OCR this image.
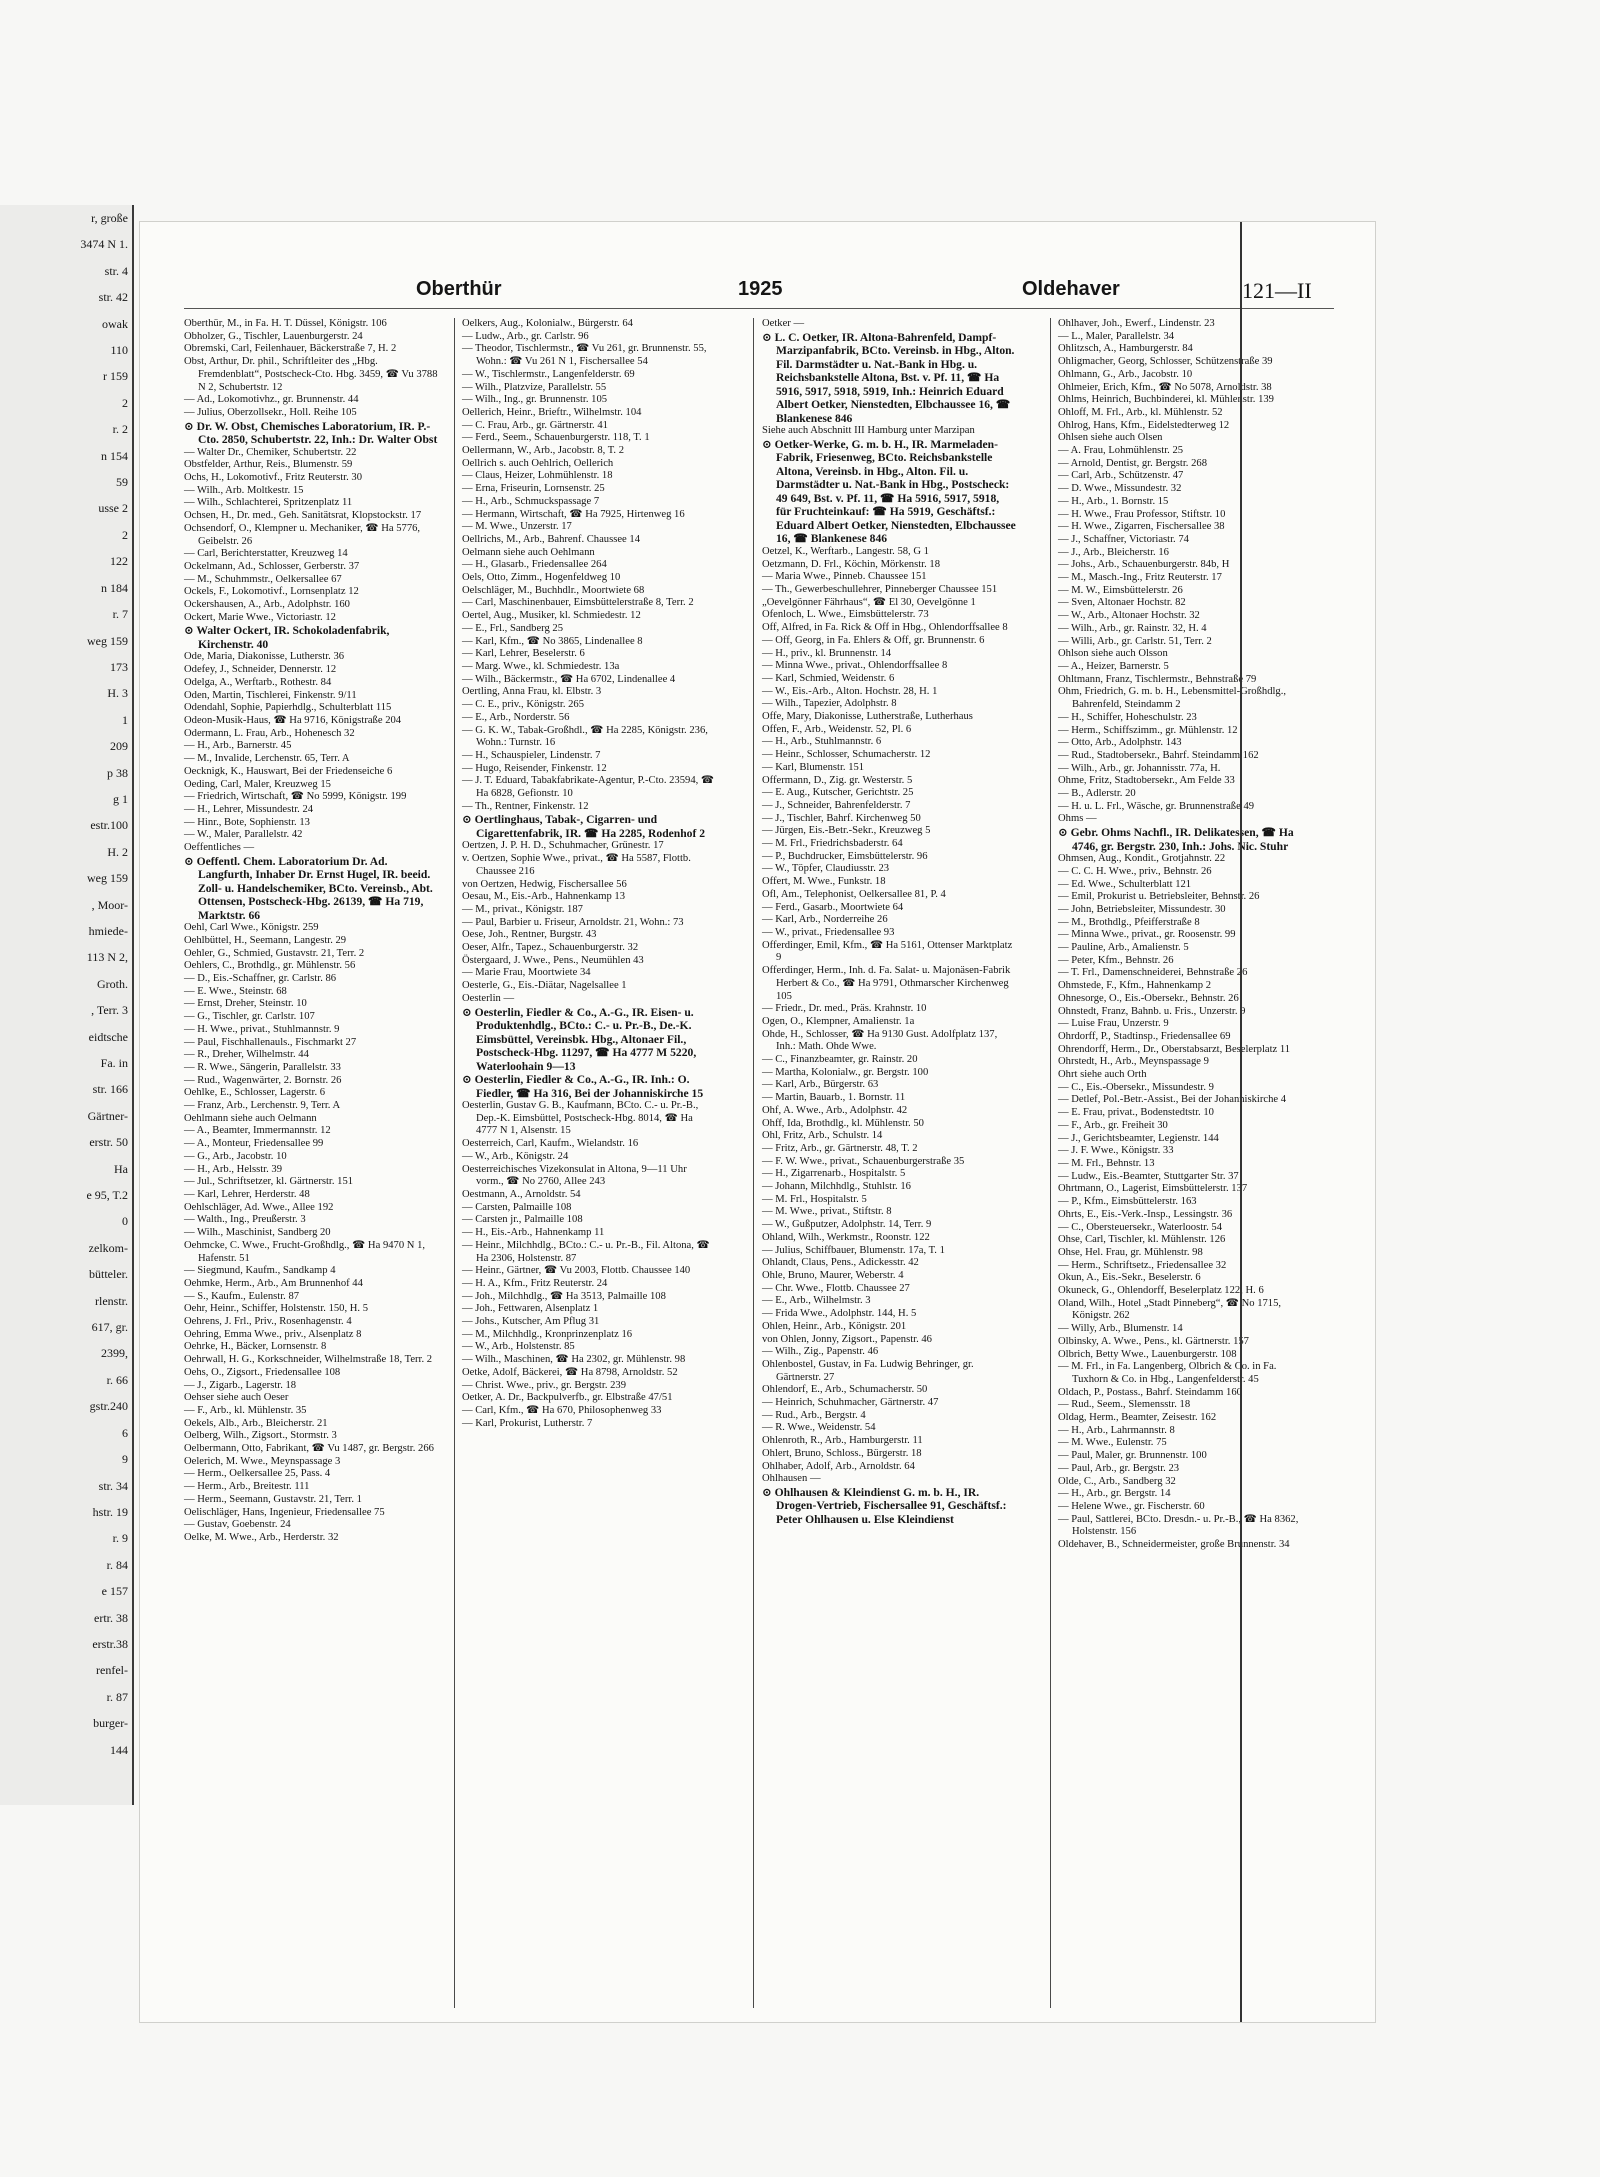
r, große
3474 N 1.
str. 4
str. 42
owak
110
r 159
2
r. 2
n 154
59
usse 2
2
122
n 184
r. 7
weg 159
173
H. 3
1
209
p 38
g 1
estr.100
H. 2
weg 159
, Moor-
hmiede-
113 N 2,
Groth.
, Terr. 3
eidtsche
Fa. in
str. 166
Gärtner-
erstr. 50
Ha
e 95, T.2
0
zelkom-
bütteler.
rlenstr.
617, gr.
2399,
r. 66
gstr.240
6
9
str. 34
hstr. 19
r. 9
r. 84
e 157
ertr. 38
erstr.38
renfel-
r. 87
burger-
144
Oberthür	1925	Oldehaver	121—II

Oberthür, M., in Fa. H. T. Düssel, Königstr. 106

Obholzer, G., Tischler, Lauenburgerstr. 24

Obremski, Carl, Feilenhauer, Bäckerstraße 7, H. 2

Obst, Arthur, Dr. phil., Schriftleiter des „Hbg. Fremdenblatt“, Postscheck-Cto. Hbg. 3459, ☎ Vu 3788 N 2, Schubertstr. 12

— Ad., Lokomotivhz., gr. Brunnenstr. 44

— Julius, Oberzollsekr., Holl. Reihe 105

⊙ Dr. W. Obst, Chemisches Laboratorium, IR. P.-Cto. 2850, Schubertstr. 22, Inh.: Dr. Walter Obst

— Walter Dr., Chemiker, Schubertstr. 22

Obstfelder, Arthur, Reis., Blumenstr. 59

Ochs, H., Lokomotivf., Fritz Reuterstr. 30

— Wilh., Arb. Moltkestr. 15

— Wilh., Schlachterei, Spritzenplatz 11

Ochsen, H., Dr. med., Geh. Sanitätsrat, Klopstockstr. 17

Ochsendorf, O., Klempner u. Mechaniker, ☎ Ha 5776, Geibelstr. 26

— Carl, Berichterstatter, Kreuzweg 14

Ockelmann, Ad., Schlosser, Gerberstr. 37

— M., Schuhmmstr., Oelkersallee 67

Ockels, F., Lokomotivf., Lornsenplatz 12

Ockershausen, A., Arb., Adolphstr. 160

Ockert, Marie Wwe., Victoriastr. 12

⊙ Walter Ockert, IR. Schokoladenfabrik, Kirchenstr. 40

Ode, Maria, Diakonisse, Lutherstr. 36

Odefey, J., Schneider, Dennerstr. 12

Odelga, A., Werftarb., Rothestr. 84

Oden, Martin, Tischlerei, Finkenstr. 9/11

Odendahl, Sophie, Papierhdlg., Schulterblatt 115

Odeon-Musik-Haus, ☎ Ha 9716, Königstraße 204

Odermann, L. Frau, Arb., Hohenesch 32

— H., Arb., Barnerstr. 45

— M., Invalide, Lerchenstr. 65, Terr. A

Oecknigk, K., Hauswart, Bei der Friedenseiche 6

Oeding, Carl, Maler, Kreuzweg 15

— Friedrich, Wirtschaft, ☎ No 5999, Königstr. 199

— H., Lehrer, Missundestr. 24

— Hinr., Bote, Sophienstr. 13

— W., Maler, Parallelstr. 42

Oeffentliches —

⊙ Oeffentl. Chem. Laboratorium Dr. Ad. Langfurth, Inhaber Dr. Ernst Hugel, IR. beeid. Zoll- u. Handelschemiker, BCto. Vereinsb., Abt. Ottensen, Postscheck-Hbg. 26139, ☎ Ha 719, Marktstr. 66

Oehl, Carl Wwe., Königstr. 259

Oehlbüttel, H., Seemann, Langestr. 29

Oehler, G., Schmied, Gustavstr. 21, Terr. 2

Oehlers, C., Brothdlg., gr. Mühlenstr. 56

— D., Eis.-Schaffner, gr. Carlstr. 86

— E. Wwe., Steinstr. 68

— Ernst, Dreher, Steinstr. 10

— G., Tischler, gr. Carlstr. 107

— H. Wwe., privat., Stuhlmannstr. 9

— Paul, Fischhallenauls., Fischmarkt 27

— R., Dreher, Wilhelmstr. 44

— R. Wwe., Sängerin, Parallelstr. 33

— Rud., Wagenwärter, 2. Bornstr. 26

Oehlke, E., Schlosser, Lagerstr. 6

— Franz, Arb., Lerchenstr. 9, Terr. A

Oehlmann siehe auch Oelmann

— A., Beamter, Immermannstr. 12

— A., Monteur, Friedensallee 99

— G., Arb., Jacobstr. 10

— H., Arb., Helsstr. 39

— Jul., Schriftsetzer, kl. Gärtnerstr. 151

— Karl, Lehrer, Herderstr. 48

Oehlschläger, Ad. Wwe., Allee 192

— Walth., Ing., Preußerstr. 3

— Wilh., Maschinist, Sandberg 20

Oehmcke, C. Wwe., Frucht-Großhdlg., ☎ Ha 9470 N 1, Hafenstr. 51

— Siegmund, Kaufm., Sandkamp 4

Oehmke, Herm., Arb., Am Brunnenhof 44

— S., Kaufm., Eulenstr. 87

Oehr, Heinr., Schiffer, Holstenstr. 150, H. 5

Oehrens, J. Frl., Priv., Rosenhagenstr. 4

Oehring, Emma Wwe., priv., Alsenplatz 8

Oehrke, H., Bäcker, Lornsenstr. 8

Oehrwall, H. G., Korkschneider, Wilhelmstraße 18, Terr. 2

Oehs, O., Zigsort., Friedensallee 108

— J., Zigarb., Lagerstr. 18

Oehser siehe auch Oeser

— F., Arb., kl. Mühlenstr. 35

Oekels, Alb., Arb., Bleicherstr. 21

Oelberg, Wilh., Zigsort., Stormstr. 3

Oelbermann, Otto, Fabrikant, ☎ Vu 1487, gr. Bergstr. 266

Oelerich, M. Wwe., Meynspassage 3

— Herm., Oelkersallee 25, Pass. 4

— Herm., Arb., Breitestr. 111

— Herm., Seemann, Gustavstr. 21, Terr. 1

Oelischläger, Hans, Ingenieur, Friedensallee 75

— Gustav, Goebenstr. 24

Oelke, M. Wwe., Arb., Herderstr. 32

Oelkers, Aug., Kolonialw., Bürgerstr. 64

— Ludw., Arb., gr. Carlstr. 96

— Theodor, Tischlermstr., ☎ Vu 261, gr. Brunnenstr. 55, Wohn.: ☎ Vu 261 N 1, Fischersallee 54

— W., Tischlermstr., Langenfelderstr. 69

— Wilh., Platzvize, Parallelstr. 55

— Wilh., Ing., gr. Brunnenstr. 105

Oellerich, Heinr., Brieftr., Wilhelmstr. 104

— C. Frau, Arb., gr. Gärtnerstr. 41

— Ferd., Seem., Schauenburgerstr. 118, T. 1

Oellermann, W., Arb., Jacobstr. 8, T. 2

Oellrich s. auch Oehlrich, Oellerich

— Claus, Heizer, Lohmühlenstr. 18

— Erna, Friseurin, Lornsenstr. 25

— H., Arb., Schmuckspassage 7

— Hermann, Wirtschaft, ☎ Ha 7925, Hirtenweg 16

— M. Wwe., Unzerstr. 17

Oellrichs, M., Arb., Bahrenf. Chaussee 14

Oelmann siehe auch Oehlmann

— H., Glasarb., Friedensallee 264

Oels, Otto, Zimm., Hogenfeldweg 10

Oelschläger, M., Buchhdlr., Moortwiete 68

— Carl, Maschinenbauer, Eimsbüttelerstraße 8, Terr. 2

Oertel, Aug., Musiker, kl. Schmiedestr. 12

— E., Frl., Sandberg 25

— Karl, Kfm., ☎ No 3865, Lindenallee 8

— Karl, Lehrer, Beselerstr. 6

— Marg. Wwe., kl. Schmiedestr. 13a

— Wilh., Bäckermstr., ☎ Ha 6702, Lindenallee 4

Oertling, Anna Frau, kl. Elbstr. 3

— C. E., priv., Königstr. 265

— E., Arb., Norderstr. 56

— G. K. W., Tabak-Großhdl., ☎ Ha 2285, Königstr. 236, Wohn.: Turnstr. 16

— H., Schauspieler, Lindenstr. 7

— Hugo, Reisender, Finkenstr. 12

— J. T. Eduard, Tabakfabrikate-Agentur, P.-Cto. 23594, ☎ Ha 6828, Gefionstr. 10

— Th., Rentner, Finkenstr. 12

⊙ Oertlinghaus, Tabak-, Cigarren- und Cigarettenfabrik, IR. ☎ Ha 2285, Rodenhof 2

Oertzen, J. P. H. D., Schuhmacher, Grünestr. 17

v. Oertzen, Sophie Wwe., privat., ☎ Ha 5587, Flottb. Chaussee 216

von Oertzen, Hedwig, Fischersallee 56

Oesau, M., Eis.-Arb., Hahnenkamp 13

— M., privat., Königstr. 187

— Paul, Barbier u. Friseur, Arnoldstr. 21, Wohn.: 73

Oese, Joh., Rentner, Burgstr. 43

Oeser, Alfr., Tapez., Schauenburgerstr. 32

Östergaard, J. Wwe., Pens., Neumühlen 43

— Marie Frau, Moortwiete 34

Oesterle, G., Eis.-Diätar, Nagelsallee 1

Oesterlin —

⊙ Oesterlin, Fiedler & Co., A.-G., IR. Eisen- u. Produktenhdlg., BCto.: C.- u. Pr.-B., De.-K. Eimsbüttel, Vereinsbk. Hbg., Altonaer Fil., Postscheck-Hbg. 11297, ☎ Ha 4777 M 5220, Waterloohain 9—13

⊙ Oesterlin, Fiedler & Co., A.-G., IR. Inh.: O. Fiedler, ☎ Ha 316, Bei der Johanniskirche 15

Oesterlin, Gustav G. B., Kaufmann, BCto. C.- u. Pr.-B., Dep.-K. Eimsbüttel, Postscheck-Hbg. 8014, ☎ Ha 4777 N 1, Alsenstr. 15

Oesterreich, Carl, Kaufm., Wielandstr. 16

— W., Arb., Königstr. 24

Oesterreichisches Vizekonsulat in Altona, 9—11 Uhr vorm., ☎ No 2760, Allee 243

Oestmann, A., Arnoldstr. 54

— Carsten, Palmaille 108

— Carsten jr., Palmaille 108

— H., Eis.-Arb., Hahnenkamp 11

— Heinr., Milchhdlg., BCto.: C.- u. Pr.-B., Fil. Altona, ☎ Ha 2306, Holstenstr. 87

— Heinr., Gärtner, ☎ Vu 2003, Flottb. Chaussee 140

— H. A., Kfm., Fritz Reuterstr. 24

— Joh., Milchhdlg., ☎ Ha 3513, Palmaille 108

— Joh., Fettwaren, Alsenplatz 1

— Johs., Kutscher, Am Pflug 31

— M., Milchhdlg., Kronprinzenplatz 16

— W., Arb., Holstenstr. 85

— Wilh., Maschinen, ☎ Ha 2302, gr. Mühlenstr. 98

Oetke, Adolf, Bäckerei, ☎ Ha 8798, Arnoldstr. 52

— Christ. Wwe., priv., gr. Bergstr. 239

Oetker, A. Dr., Backpulverfb., gr. Elbstraße 47/51

— Carl, Kfm., ☎ Ha 670, Philosophenweg 33

— Karl, Prokurist, Lutherstr. 7

Oetker —

⊙ L. C. Oetker, IR. Altona-Bahrenfeld, Dampf-Marzipanfabrik, BCto. Vereinsb. in Hbg., Alton. Fil. Darmstädter u. Nat.-Bank in Hbg. u. Reichsbankstelle Altona, Bst. v. Pf. 11, ☎ Ha 5916, 5917, 5918, 5919, Inh.: Heinrich Eduard Albert Oetker, Nienstedten, Elbchaussee 16, ☎ Blankenese 846

Siehe auch Abschnitt III Hamburg unter Marzipan

⊙ Oetker-Werke, G. m. b. H., IR. Marmeladen-Fabrik, Friesenweg, BCto. Reichsbankstelle Altona, Vereinsb. in Hbg., Alton. Fil. u. Darmstädter u. Nat.-Bank in Hbg., Postscheck: 49 649, Bst. v. Pf. 11, ☎ Ha 5916, 5917, 5918, für Fruchteinkauf: ☎ Ha 5919, Geschäftsf.: Eduard Albert Oetker, Nienstedten, Elbchaussee 16, ☎ Blankenese 846

Oetzel, K., Werftarb., Langestr. 58, G 1

Oetzmann, D. Frl., Köchin, Mörkenstr. 18

— Maria Wwe., Pinneb. Chaussee 151

— Th., Gewerbeschullehrer, Pinneberger Chaussee 151

„Oevelgönner Fährhaus“, ☎ El 30, Oevelgönne 1

Ofenloch, L. Wwe., Eimsbüttelerstr. 73

Off, Alfred, in Fa. Rick & Off in Hbg., Ohlendorffsallee 8

— Off, Georg, in Fa. Ehlers & Off, gr. Brunnenstr. 6

— H., priv., kl. Brunnenstr. 14

— Minna Wwe., privat., Ohlendorffsallee 8

— Karl, Schmied, Weidenstr. 6

— W., Eis.-Arb., Alton. Hochstr. 28, H. 1

— Wilh., Tapezier, Adolphstr. 8

Offe, Mary, Diakonisse, Lutherstraße, Lutherhaus

Offen, F., Arb., Weidenstr. 52, Pl. 6

— H., Arb., Stuhlmannstr. 6

— Heinr., Schlosser, Schumacherstr. 12

— Karl, Blumenstr. 151

Offermann, D., Zig. gr. Westerstr. 5

— E. Aug., Kutscher, Gerichtstr. 25

— J., Schneider, Bahrenfelderstr. 7

— J., Tischler, Bahrf. Kirchenweg 50

— Jürgen, Eis.-Betr.-Sekr., Kreuzweg 5

— M. Frl., Friedrichsbaderstr. 64

— P., Buchdrucker, Eimsbüttelerstr. 96

— W., Töpfer, Claudiusstr. 23

Offert, M. Wwe., Funkstr. 18

Ofl, Am., Telephonist, Oelkersallee 81, P. 4

— Ferd., Gasarb., Moortwiete 64

— Karl, Arb., Norderreihe 26

— W., privat., Friedensallee 93

Offerdinger, Emil, Kfm., ☎ Ha 5161, Ottenser Marktplatz 9

Offerdinger, Herm., Inh. d. Fa. Salat- u. Majonäsen-Fabrik Herbert & Co., ☎ Ha 9791, Othmarscher Kirchenweg 105

— Friedr., Dr. med., Präs. Krahnstr. 10

Ogen, O., Klempner, Amalienstr. 1a

Ohde, H., Schlosser, ☎ Ha 9130 Gust. Adolfplatz 137, Inh.: Math. Ohde Wwe.

— C., Finanzbeamter, gr. Rainstr. 20

— Martha, Kolonialw., gr. Bergstr. 100

— Karl, Arb., Bürgerstr. 63

— Martin, Bauarb., 1. Bornstr. 11

Ohf, A. Wwe., Arb., Adolphstr. 42

Ohff, Ida, Brothdlg., kl. Mühlenstr. 50

Ohl, Fritz, Arb., Schulstr. 14

— Fritz, Arb., gr. Gärtnerstr. 48, T. 2

— F. W. Wwe., privat., Schauenburgerstraße 35

— H., Zigarrenarb., Hospitalstr. 5

— Johann, Milchhdlg., Stuhlstr. 16

— M. Frl., Hospitalstr. 5

— M. Wwe., privat., Stiftstr. 8

— W., Gußputzer, Adolphstr. 14, Terr. 9

Ohland, Wilh., Werkmstr., Roonstr. 122

— Julius, Schiffbauer, Blumenstr. 17a, T. 1

Ohlandt, Claus, Pens., Adickesstr. 42

Ohle, Bruno, Maurer, Weberstr. 4

— Chr. Wwe., Flottb. Chaussee 27

— E., Arb., Wilhelmstr. 3

— Frida Wwe., Adolphstr. 144, H. 5

Ohlen, Heinr., Arb., Königstr. 201

von Ohlen, Jonny, Zigsort., Papenstr. 46

— Wilh., Zig., Papenstr. 46

Ohlenbostel, Gustav, in Fa. Ludwig Behringer, gr. Gärtnerstr. 27

Ohlendorf, E., Arb., Schumacherstr. 50

— Heinrich, Schuhmacher, Gärtnerstr. 47

— Rud., Arb., Bergstr. 4

— R. Wwe., Weidenstr. 54

Ohlenroth, R., Arb., Hamburgerstr. 11

Ohlert, Bruno, Schloss., Bürgerstr. 18

Ohlhaber, Adolf, Arb., Arnoldstr. 64

Ohlhausen —

⊙ Ohlhausen & Kleindienst G. m. b. H., IR. Drogen-Vertrieb, Fischersallee 91, Geschäftsf.: Peter Ohlhausen u. Else Kleindienst

Ohlhaver, Joh., Ewerf., Lindenstr. 23

— L., Maler, Parallelstr. 34

Ohlitzsch, A., Hamburgerstr. 84

Ohligmacher, Georg, Schlosser, Schützenstraße 39

Ohlmann, G., Arb., Jacobstr. 10

Ohlmeier, Erich, Kfm., ☎ No 5078, Arnoldstr. 38

Ohlms, Heinrich, Buchbinderei, kl. Mühlenstr. 139

Ohloff, M. Frl., Arb., kl. Mühlenstr. 52

Ohlrog, Hans, Kfm., Eidelstedterweg 12

Ohlsen siehe auch Olsen

— A. Frau, Lohmühlenstr. 25

— Arnold, Dentist, gr. Bergstr. 268

— Carl, Arb., Schützenstr. 47

— D. Wwe., Missundestr. 32

— H., Arb., 1. Bornstr. 15

— H. Wwe., Frau Professor, Stiftstr. 10

— H. Wwe., Zigarren, Fischersallee 38

— J., Schaffner, Victoriastr. 74

— J., Arb., Bleicherstr. 16

— Johs., Arb., Schauenburgerstr. 84b, H

— M., Masch.-Ing., Fritz Reuterstr. 17

— M. W., Eimsbüttelerstr. 26

— Sven, Altonaer Hochstr. 82

— W., Arb., Altonaer Hochstr. 32

— Wilh., Arb., gr. Rainstr. 32, H. 4

— Willi, Arb., gr. Carlstr. 51, Terr. 2

Ohlson siehe auch Olsson

— A., Heizer, Barnerstr. 5

Ohltmann, Franz, Tischlermstr., Behnstraße 79

Ohm, Friedrich, G. m. b. H., Lebensmittel-Großhdlg., Bahrenfeld, Steindamm 2

— H., Schiffer, Hoheschulstr. 23

— Herm., Schiffszimm., gr. Mühlenstr. 12

— Otto, Arb., Adolphstr. 143

— Rud., Stadtobersekr., Bahrf. Steindamm 162

— Wilh., Arb., gr. Johannisstr. 77a, H.

Ohme, Fritz, Stadtobersekr., Am Felde 33

— B., Adlerstr. 20

— H. u. L. Frl., Wäsche, gr. Brunnenstraße 49

Ohms —

⊙ Gebr. Ohms Nachfl., IR. Delikatessen, ☎ Ha 4746, gr. Bergstr. 230, Inh.: Johs. Nic. Stuhr

Ohmsen, Aug., Kondit., Grotjahnstr. 22

— C. C. H. Wwe., priv., Behnstr. 26

— Ed. Wwe., Schulterblatt 121

— Emil, Prokurist u. Betriebsleiter, Behnstr. 26

— John, Betriebsleiter, Missundestr. 30

— M., Brothdlg., Pfeifferstraße 8

— Minna Wwe., privat., gr. Roosenstr. 99

— Pauline, Arb., Amalienstr. 5

— Peter, Kfm., Behnstr. 26

— T. Frl., Damenschneiderei, Behnstraße 26

Ohmstede, F., Kfm., Hahnenkamp 2

Ohnesorge, O., Eis.-Obersekr., Behnstr. 26

Ohnstedt, Franz, Bahnb. u. Fris., Unzerstr. 9

— Luise Frau, Unzerstr. 9

Ohrdorff, P., Stadtinsp., Friedensallee 69

Ohrendorff, Herm., Dr., Oberstabsarzt, Beselerplatz 11

Ohrstedt, H., Arb., Meynspassage 9

Ohrt siehe auch Orth

— C., Eis.-Obersekr., Missundestr. 9

— Detlef, Pol.-Betr.-Assist., Bei der Johanniskirche 4

— E. Frau, privat., Bodenstedtstr. 10

— F., Arb., gr. Freiheit 30

— J., Gerichtsbeamter, Legienstr. 144

— J. F. Wwe., Königstr. 33

— M. Frl., Behnstr. 13

— Ludw., Eis.-Beamter, Stuttgarter Str. 37

Ohrtmann, O., Lagerist, Eimsbüttelerstr. 137

— P., Kfm., Eimsbüttelerstr. 163

Ohrts, E., Eis.-Verk.-Insp., Lessingstr. 36

— C., Obersteuersekr., Waterloostr. 54

Ohse, Carl, Tischler, kl. Mühlenstr. 126

Ohse, Hel. Frau, gr. Mühlenstr. 98

— Herm., Schriftsetz., Friedensallee 32

Okun, A., Eis.-Sekr., Beselerstr. 6

Okuneck, G., Ohlendorff, Beselerplatz 122, H. 6

Oland, Wilh., Hotel „Stadt Pinneberg“, ☎ No 1715, Königstr. 262

— Willy, Arb., Blumenstr. 14

Olbinsky, A. Wwe., Pens., kl. Gärtnerstr. 157

Olbrich, Betty Wwe., Lauenburgerstr. 108

— M. Frl., in Fa. Langenberg, Olbrich & Co. in Fa. Tuxhorn & Co. in Hbg., Langenfelderstr. 45

Oldach, P., Postass., Bahrf. Steindamm 160

— Rud., Seem., Slemensstr. 18

Oldag, Herm., Beamter, Zeisestr. 162

— H., Arb., Lahrmannstr. 8

— M. Wwe., Eulenstr. 75

— Paul, Maler, gr. Brunnenstr. 100

— Paul, Arb., gr. Bergstr. 23

Olde, C., Arb., Sandberg 32

— H., Arb., gr. Bergstr. 14

— Helene Wwe., gr. Fischerstr. 60

— Paul, Sattlerei, BCto. Dresdn.- u. Pr.-B., ☎ Ha 8362, Holstenstr. 156

Oldehaver, B., Schneidermeister, große Brunnenstr. 34
